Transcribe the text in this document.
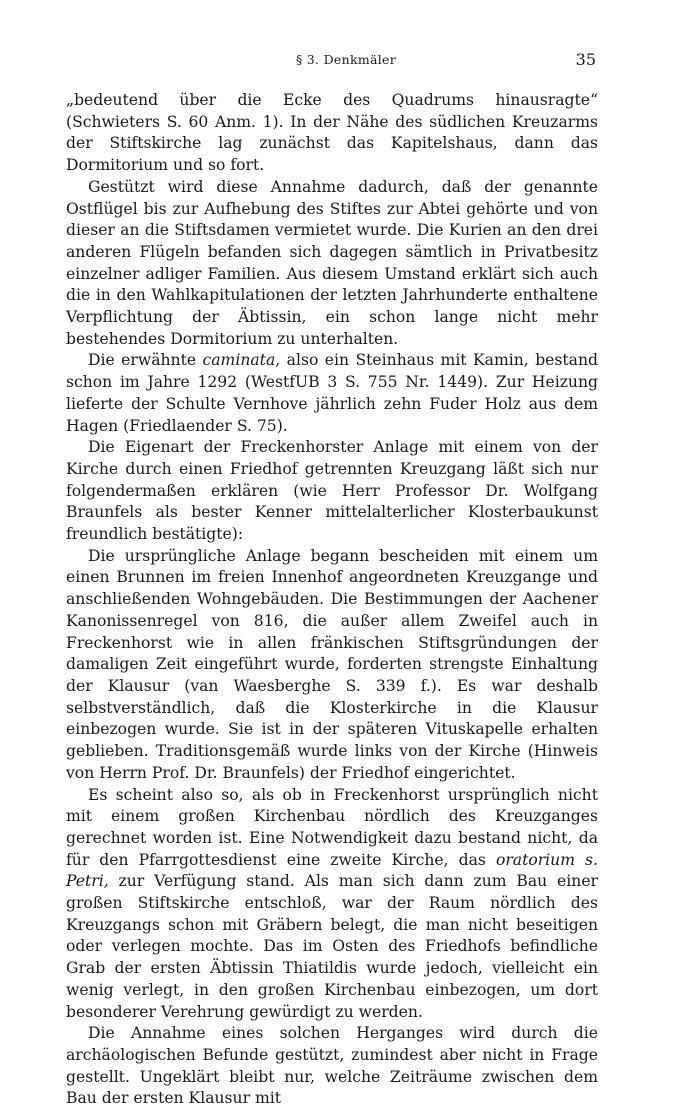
§ 3. Denkmäler	35

„bedeutend über die Ecke des Quadrums hinausragte“ (Schwieters S. 60 Anm. 1). In der Nähe des südlichen Kreuzarms der Stiftskirche lag zunächst das Kapitelshaus, dann das Dormitorium und so fort.

Gestützt wird diese Annahme dadurch, daß der genannte Ostflügel bis zur Aufhebung des Stiftes zur Abtei gehörte und von dieser an die Stiftsdamen vermietet wurde. Die Kurien an den drei anderen Flügeln befanden sich dagegen sämtlich in Privatbesitz einzelner adliger Familien. Aus diesem Umstand erklärt sich auch die in den Wahlkapitulationen der letzten Jahrhunderte enthaltene Verpflichtung der Äbtissin, ein schon lange nicht mehr bestehendes Dormitorium zu unterhalten.

Die erwähnte caminata, also ein Steinhaus mit Kamin, bestand schon im Jahre 1292 (WestfUB 3 S. 755 Nr. 1449). Zur Heizung lieferte der Schulte Vernhove jährlich zehn Fuder Holz aus dem Hagen (Friedlaender S. 75).

Die Eigenart der Freckenhorster Anlage mit einem von der Kirche durch einen Friedhof getrennten Kreuzgang läßt sich nur folgendermaßen erklären (wie Herr Professor Dr. Wolfgang Braunfels als bester Kenner mittelalterlicher Klosterbaukunst freundlich bestätigte):

Die ursprüngliche Anlage begann bescheiden mit einem um einen Brunnen im freien Innenhof angeordneten Kreuzgange und anschließenden Wohngebäuden. Die Bestimmungen der Aachener Kanonissenregel von 816, die außer allem Zweifel auch in Freckenhorst wie in allen fränkischen Stiftsgründungen der damaligen Zeit eingeführt wurde, forderten strengste Einhaltung der Klausur (van Waesberghe S. 339 f.). Es war deshalb selbstverständlich, daß die Klosterkirche in die Klausur einbezogen wurde. Sie ist in der späteren Vituskapelle erhalten geblieben. Traditionsgemäß wurde links von der Kirche (Hinweis von Herrn Prof. Dr. Braunfels) der Friedhof eingerichtet.

Es scheint also so, als ob in Freckenhorst ursprünglich nicht mit einem großen Kirchenbau nördlich des Kreuzganges gerechnet worden ist. Eine Notwendigkeit dazu bestand nicht, da für den Pfarrgottesdienst eine zweite Kirche, das oratorium s. Petri, zur Verfügung stand. Als man sich dann zum Bau einer großen Stiftskirche entschloß, war der Raum nördlich des Kreuzgangs schon mit Gräbern belegt, die man nicht beseitigen oder verlegen mochte. Das im Osten des Friedhofs befindliche Grab der ersten Äbtissin Thiatildis wurde jedoch, vielleicht ein wenig verlegt, in den großen Kirchenbau einbezogen, um dort besonderer Verehrung gewürdigt zu werden.

Die Annahme eines solchen Herganges wird durch die archäologischen Befunde gestützt, zumindest aber nicht in Frage gestellt. Ungeklärt bleibt nur, welche Zeiträume zwischen dem Bau der ersten Klausur mit
